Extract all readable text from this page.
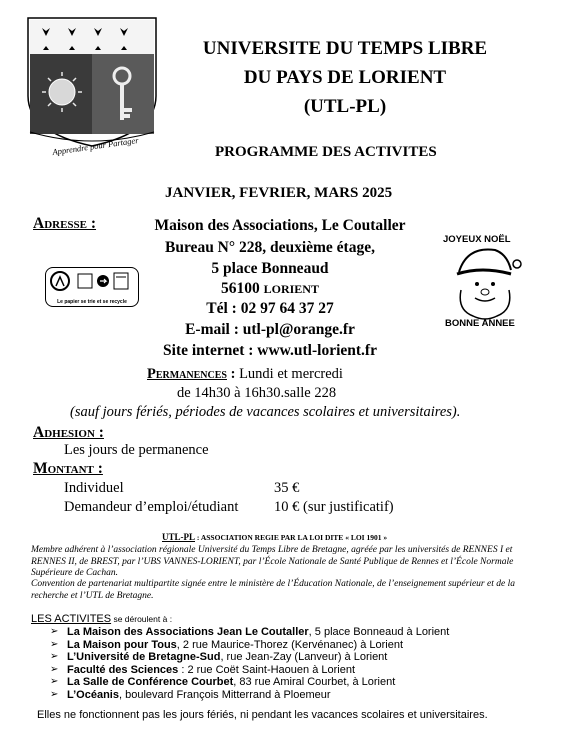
Apprendre pour Partager
UNIVERSITE DU TEMPS LIBRE
DU PAYS DE LORIENT
(UTL-PL)
PROGRAMME DES ACTIVITES
JANVIER, FEVRIER, MARS 2025
Adresse :	Maison des Associations, Le Coutaller
Bureau N° 228, deuxième étage,
5 place Bonneaud
56100 LORIENT
Tél : 02 97 64 37 27
E-mail : utl-pl@orange.fr
Site internet : www.utl-lorient.fr
Le papier se trie et se recycle
JOYEUX NOËL
BONNE ANNEE
Permanences : Lundi et mercredi
de 14h30 à 16h30.salle 228
(sauf jours fériés, périodes de vacances scolaires et universitaires).
Adhesion :
Les jours de permanence
Montant :
Individuel	35 €
Demandeur d’emploi/étudiant 10 € (sur justificatif)
UTL-PL : ASSOCIATION REGIE PAR LA LOI DITE « LOI 1901 »
Membre adhérent à l’association régionale Université du Temps Libre de Bretagne, agréée par les universités de RENNES I et RENNES II, de BREST, par l’UBS VANNES-LORIENT, par l’École Nationale de Santé Publique de Rennes et l’École Normale Supérieure de Cachan.
Convention de partenariat multipartite signée entre le ministère de l’Éducation Nationale, de l’enseignement supérieur et de la recherche et l’UTL de Bretagne.
LES ACTIVITES se déroulent à :
➢ La Maison des Associations Jean Le Coutaller, 5 place Bonneaud à Lorient
➢ La Maison pour Tous, 2 rue Maurice-Thorez (Kervénanec) à Lorient
➢ L’Université de Bretagne-Sud, rue Jean-Zay (Lanveur) à Lorient
➢ Faculté des Sciences : 2 rue Coët Saint-Haouen à Lorient
➢ La Salle de Conférence Courbet, 83 rue Amiral Courbet, à Lorient
➢ L’Océanis, boulevard François Mitterrand à Ploemeur
Elles ne fonctionnent pas les jours fériés, ni pendant les vacances scolaires et universitaires.
